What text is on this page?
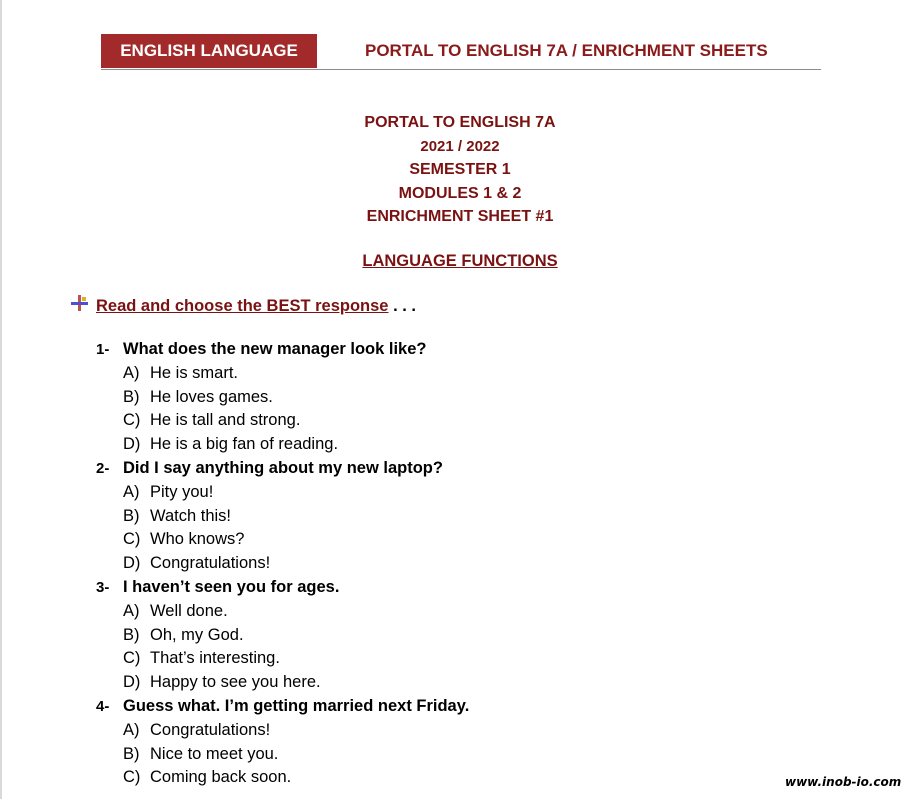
ENGLISH LANGUAGE	PORTAL TO ENGLISH 7A / ENRICHMENT SHEETS
PORTAL TO ENGLISH 7A
2021 / 2022
SEMESTER 1
MODULES 1 & 2
ENRICHMENT SHEET #1
LANGUAGE FUNCTIONS
Read and choose the BEST response . . .
1- What does the new manager look like?
A) He is smart.
B) He loves games.
C) He is tall and strong.
D) He is a big fan of reading.
2- Did I say anything about my new laptop?
A) Pity you!
B) Watch this!
C) Who knows?
D) Congratulations!
3- I haven’t seen you for ages.
A) Well done.
B) Oh, my God.
C) That’s interesting.
D) Happy to see you here.
4- Guess what. I’m getting married next Friday.
A) Congratulations!
B) Nice to meet you.
C) Coming back soon.	www.inob-io.com
